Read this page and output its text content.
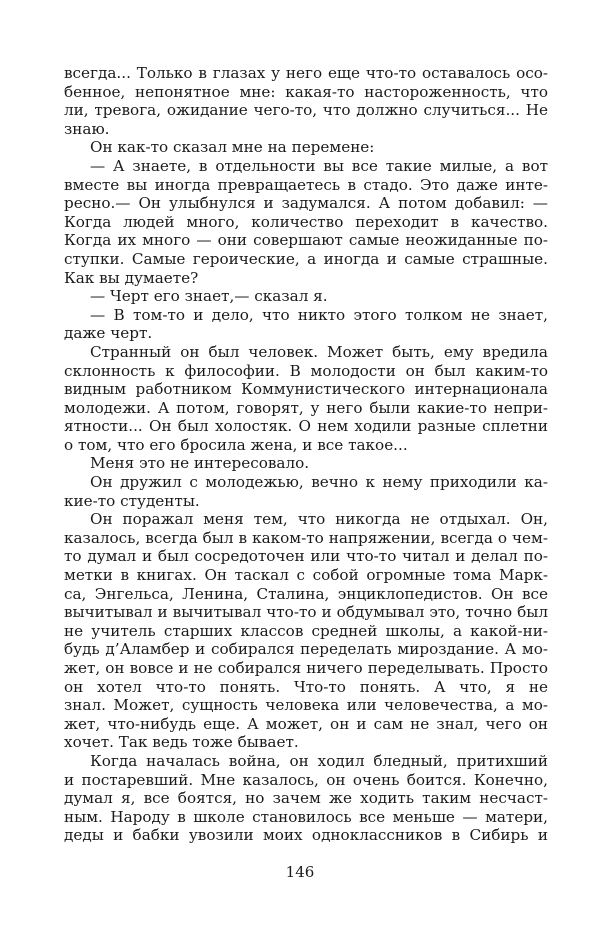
всегда... Только в глазах у него еще что-то оставалось осо-
бенное, непонятное мне: какая-то настороженность, что
ли, тревога, ожидание чего-то, что должно случиться... Не
знаю.
Он как-то сказал мне на перемене:
— А знаете, в отдельности вы все такие милые, а вот
вместе вы иногда превращаетесь в стадо. Это даже инте-
ресно.— Он улыбнулся и задумался. А потом добавил: —
Когда людей много, количество переходит в качество.
Когда их много — они совершают самые неожиданные по-
ступки. Самые героические, а иногда и самые страшные.
Как вы думаете?
— Черт его знает,— сказал я.
— В том-то и дело, что никто этого толком не знает,
даже черт.
Странный он был человек. Может быть, ему вредила
склонность к философии. В молодости он был каким-то
видным работником Коммунистического интернационала
молодежи. А потом, говорят, у него были какие-то непри-
ятности... Он был холостяк. О нем ходили разные сплетни
о том, что его бросила жена, и все такое...
Меня это не интересовало.
Он дружил с молодежью, вечно к нему приходили ка-
кие-то студенты.
Он поражал меня тем, что никогда не отдыхал. Он,
казалось, всегда был в каком-то напряжении, всегда о чем-
то думал и был сосредоточен или что-то читал и делал по-
метки в книгах. Он таскал с собой огромные тома Марк-
са, Энгельса, Ленина, Сталина, энциклопедистов. Он все
вычитывал и вычитывал что-то и обдумывал это, точно был
не учитель старших классов средней школы, а какой-ни-
будь д’Аламбер и собирался переделать мироздание. А мо-
жет, он вовсе и не собирался ничего переделывать. Просто
он хотел что-то понять. Что-то понять. А что, я не
знал. Может, сущность человека или человечества, а мо-
жет, что-нибудь еще. А может, он и сам не знал, чего он
хочет. Так ведь тоже бывает.
Когда началась война, он ходил бледный, притихший
и постаревший. Мне казалось, он очень боится. Конечно,
думал я, все боятся, но зачем же ходить таким несчаст-
ным. Народу в школе становилось все меньше — матери,
деды и бабки увозили моих одноклассников в Сибирь и
146
